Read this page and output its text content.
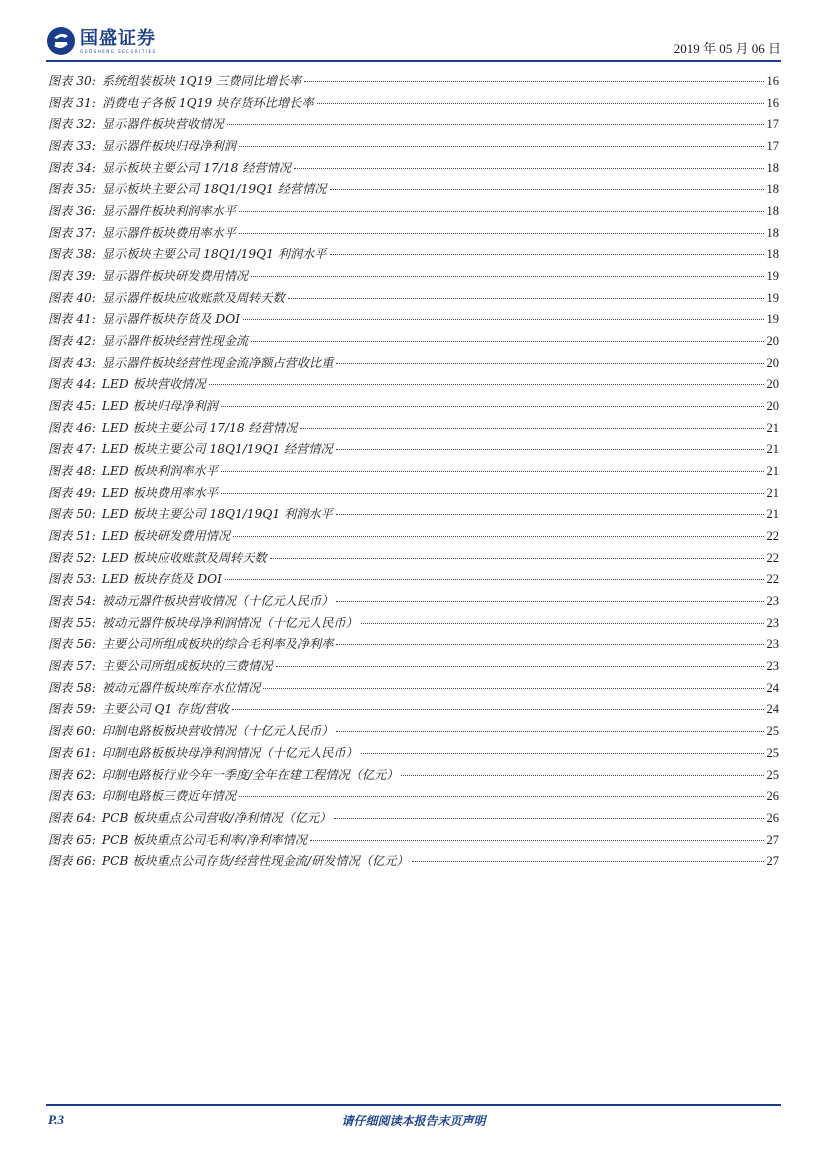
国盛证券
GUOSHENG SECURITIES	2019 年 05 月 06 日
图表 30: 系统组装板块 1Q19 三费同比增长率	16
图表 31: 消费电子各板 1Q19 块存货环比增长率	16
图表 32: 显示器件板块营收情况	17
图表 33: 显示器件板块归母净利润	17
图表 34: 显示板块主要公司 17/18 经营情况	18
图表 35: 显示板块主要公司 18Q1/19Q1 经营情况	18
图表 36: 显示器件板块利润率水平	18
图表 37: 显示器件板块费用率水平	18
图表 38: 显示板块主要公司 18Q1/19Q1 利润水平	18
图表 39: 显示器件板块研发费用情况	19
图表 40: 显示器件板块应收账款及周转天数	19
图表 41: 显示器件板块存货及 DOI	19
图表 42: 显示器件板块经营性现金流	20
图表 43: 显示器件板块经营性现金流净额占营收比重	20
图表 44: LED 板块营收情况	20
图表 45: LED 板块归母净利润	20
图表 46: LED 板块主要公司 17/18 经营情况	21
图表 47: LED 板块主要公司 18Q1/19Q1 经营情况	21
图表 48: LED 板块利润率水平	21
图表 49: LED 板块费用率水平	21
图表 50: LED 板块主要公司 18Q1/19Q1 利润水平	21
图表 51: LED 板块研发费用情况	22
图表 52: LED 板块应收账款及周转天数	22
图表 53: LED 板块存货及 DOI	22
图表 54: 被动元器件板块营收情况（十亿元人民币）	23
图表 55: 被动元器件板块母净利润情况（十亿元人民币）	23
图表 56: 主要公司所组成板块的综合毛利率及净利率	23
图表 57: 主要公司所组成板块的三费情况	23
图表 58: 被动元器件板块库存水位情况	24
图表 59: 主要公司 Q1 存货/营收	24
图表 60: 印制电路板板块营收情况（十亿元人民币）	25
图表 61: 印制电路板板块母净利润情况（十亿元人民币）	25
图表 62: 印制电路板行业今年一季度/全年在建工程情况（亿元）	25
图表 63: 印制电路板三费近年情况	26
图表 64: PCB 板块重点公司营收/净利情况（亿元）	26
图表 65: PCB 板块重点公司毛利率/净利率情况	27
图表 66: PCB 板块重点公司存货/经营性现金流/研发情况（亿元）	27
P.3	请仔细阅读本报告末页声明
